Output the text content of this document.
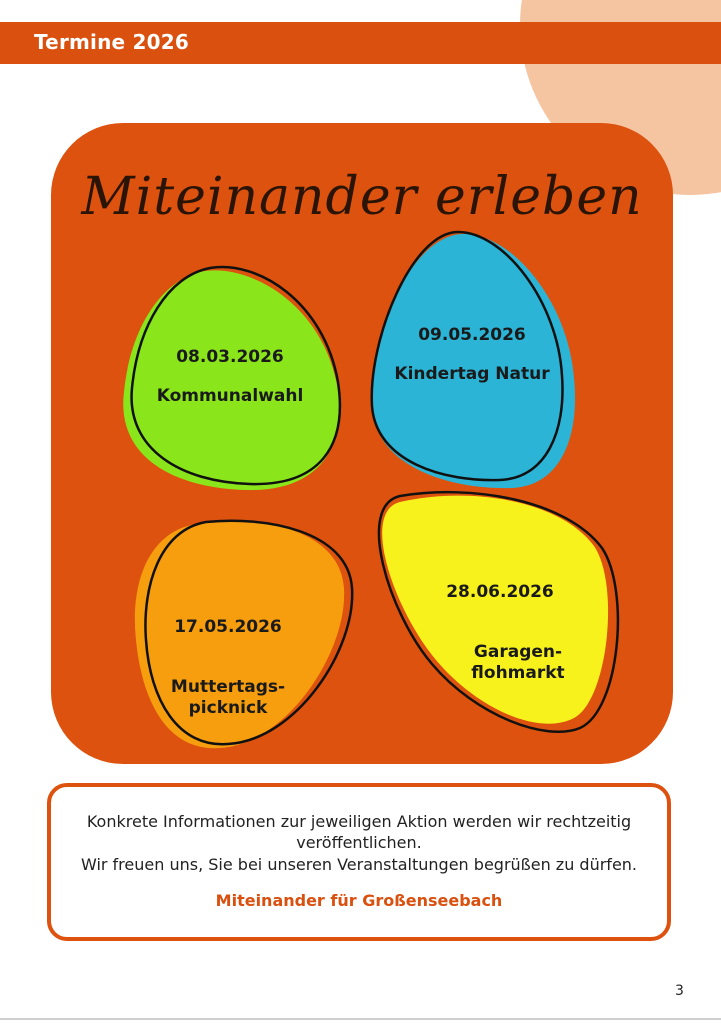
Termine 2026
Miteinander erleben
08.03.2026
Kommunalwahl
09.05.2026
Kindertag Natur

17.05.2026

Muttertags-
picknick

28.06.2026

Garagen-
flohmarkt

Konkrete Informationen zur jeweiligen Aktion werden wir rechtzeitig veröffentlichen.
Wir freuen uns, Sie bei unseren Veranstaltungen begrüßen zu dürfen.
Miteinander für Großenseebach
3
